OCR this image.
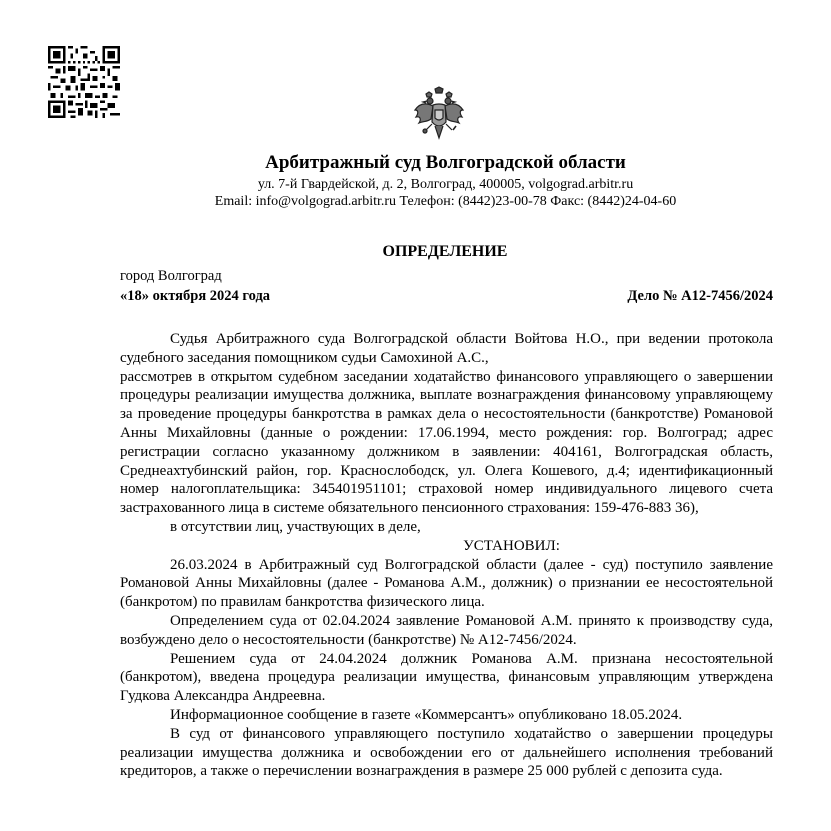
Арбитражный суд Волгоградской области
ул. 7-й Гвардейской, д. 2, Волгоград, 400005, volgograd.arbitr.ru
Email: info@volgograd.arbitr.ru Телефон: (8442)23-00-78 Факс: (8442)24-04-60
ОПРЕДЕЛЕНИЕ
город Волгоград
«18» октября 2024 года	Дело № А12-7456/2024

Судья Арбитражного суда Волгоградской области Войтова Н.О., при ведении протокола судебного заседания помощником судьи Самохиной А.С.,

рассмотрев в открытом судебном заседании ходатайство финансового управляющего о завершении процедуры реализации имущества должника, выплате вознаграждения финансовому управляющему за проведение процедуры банкротства в рамках дела о несостоятельности (банкротстве) Романовой Анны Михайловны (данные о рождении: 17.06.1994, место рождения: гор. Волгоград; адрес регистрации согласно указанному должником в заявлении: 404161, Волгоградская область, Среднеахтубинский район, гор. Краснослободск, ул. Олега Кошевого, д.4; идентификационный номер налогоплательщика: 345401951101; страховой номер индивидуального лицевого счета застрахованного лица в системе обязательного пенсионного страхования: 159-476-883 36),

в отсутствии лиц, участвующих в деле,

УСТАНОВИЛ:

26.03.2024 в Арбитражный суд Волгоградской области (далее - суд) поступило заявление Романовой Анны Михайловны (далее - Романова А.М., должник) о признании ее несостоятельной (банкротом) по правилам банкротства физического лица.

Определением суда от 02.04.2024 заявление Романовой А.М. принято к производству суда, возбуждено дело о несостоятельности (банкротстве) № А12-7456/2024.

Решением суда от 24.04.2024 должник Романова А.М. признана несостоятельной (банкротом), введена процедура реализации имущества, финансовым управляющим утверждена Гудкова Александра Андреевна.

Информационное сообщение в газете «Коммерсантъ» опубликовано 18.05.2024.

В суд от финансового управляющего поступило ходатайство о завершении процедуры реализации имущества должника и освобождении его от дальнейшего исполнения требований кредиторов, а также о перечислении вознаграждения в размере 25 000 рублей с депозита суда.
